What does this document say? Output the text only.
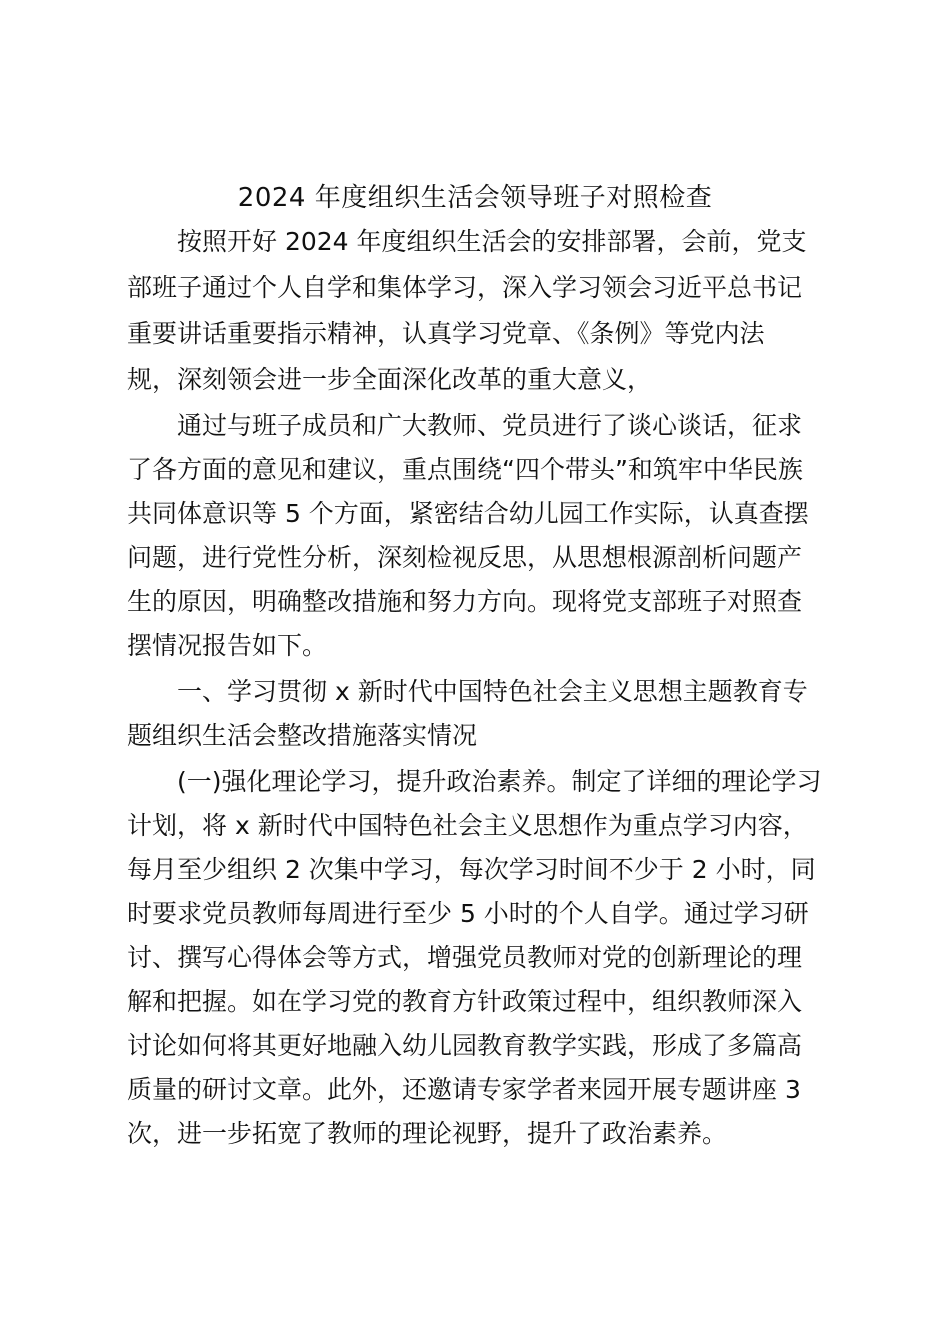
2024 年度组织生活会领导班子对照检查

按照开好 2024 年度组织生活会的安排部署，会前，党支

部班子通过个人自学和集体学习，深入学习领会习近平总书记

重要讲话重要指示精神，认真学习党章、《条例》等党内法

规，深刻领会进一步全面深化改革的重大意义，

通过与班子成员和广大教师、党员进行了谈心谈话，征求

了各方面的意见和建议，重点围绕“四个带头”和筑牢中华民族

共同体意识等 5 个方面，紧密结合幼儿园工作实际，认真查摆

问题，进行党性分析，深刻检视反思，从思想根源剖析问题产

生的原因，明确整改措施和努力方向。现将党支部班子对照查

摆情况报告如下。

一、学习贯彻 x 新时代中国特色社会主义思想主题教育专

题组织生活会整改措施落实情况

(一)强化理论学习，提升政治素养。制定了详细的理论学习

计划，将 x 新时代中国特色社会主义思想作为重点学习内容，

每月至少组织 2 次集中学习，每次学习时间不少于 2 小时，同

时要求党员教师每周进行至少 5 小时的个人自学。通过学习研

讨、撰写心得体会等方式，增强党员教师对党的创新理论的理

解和把握。如在学习党的教育方针政策过程中，组织教师深入

讨论如何将其更好地融入幼儿园教育教学实践，形成了多篇高

质量的研讨文章。此外，还邀请专家学者来园开展专题讲座 3

次，进一步拓宽了教师的理论视野，提升了政治素养。
